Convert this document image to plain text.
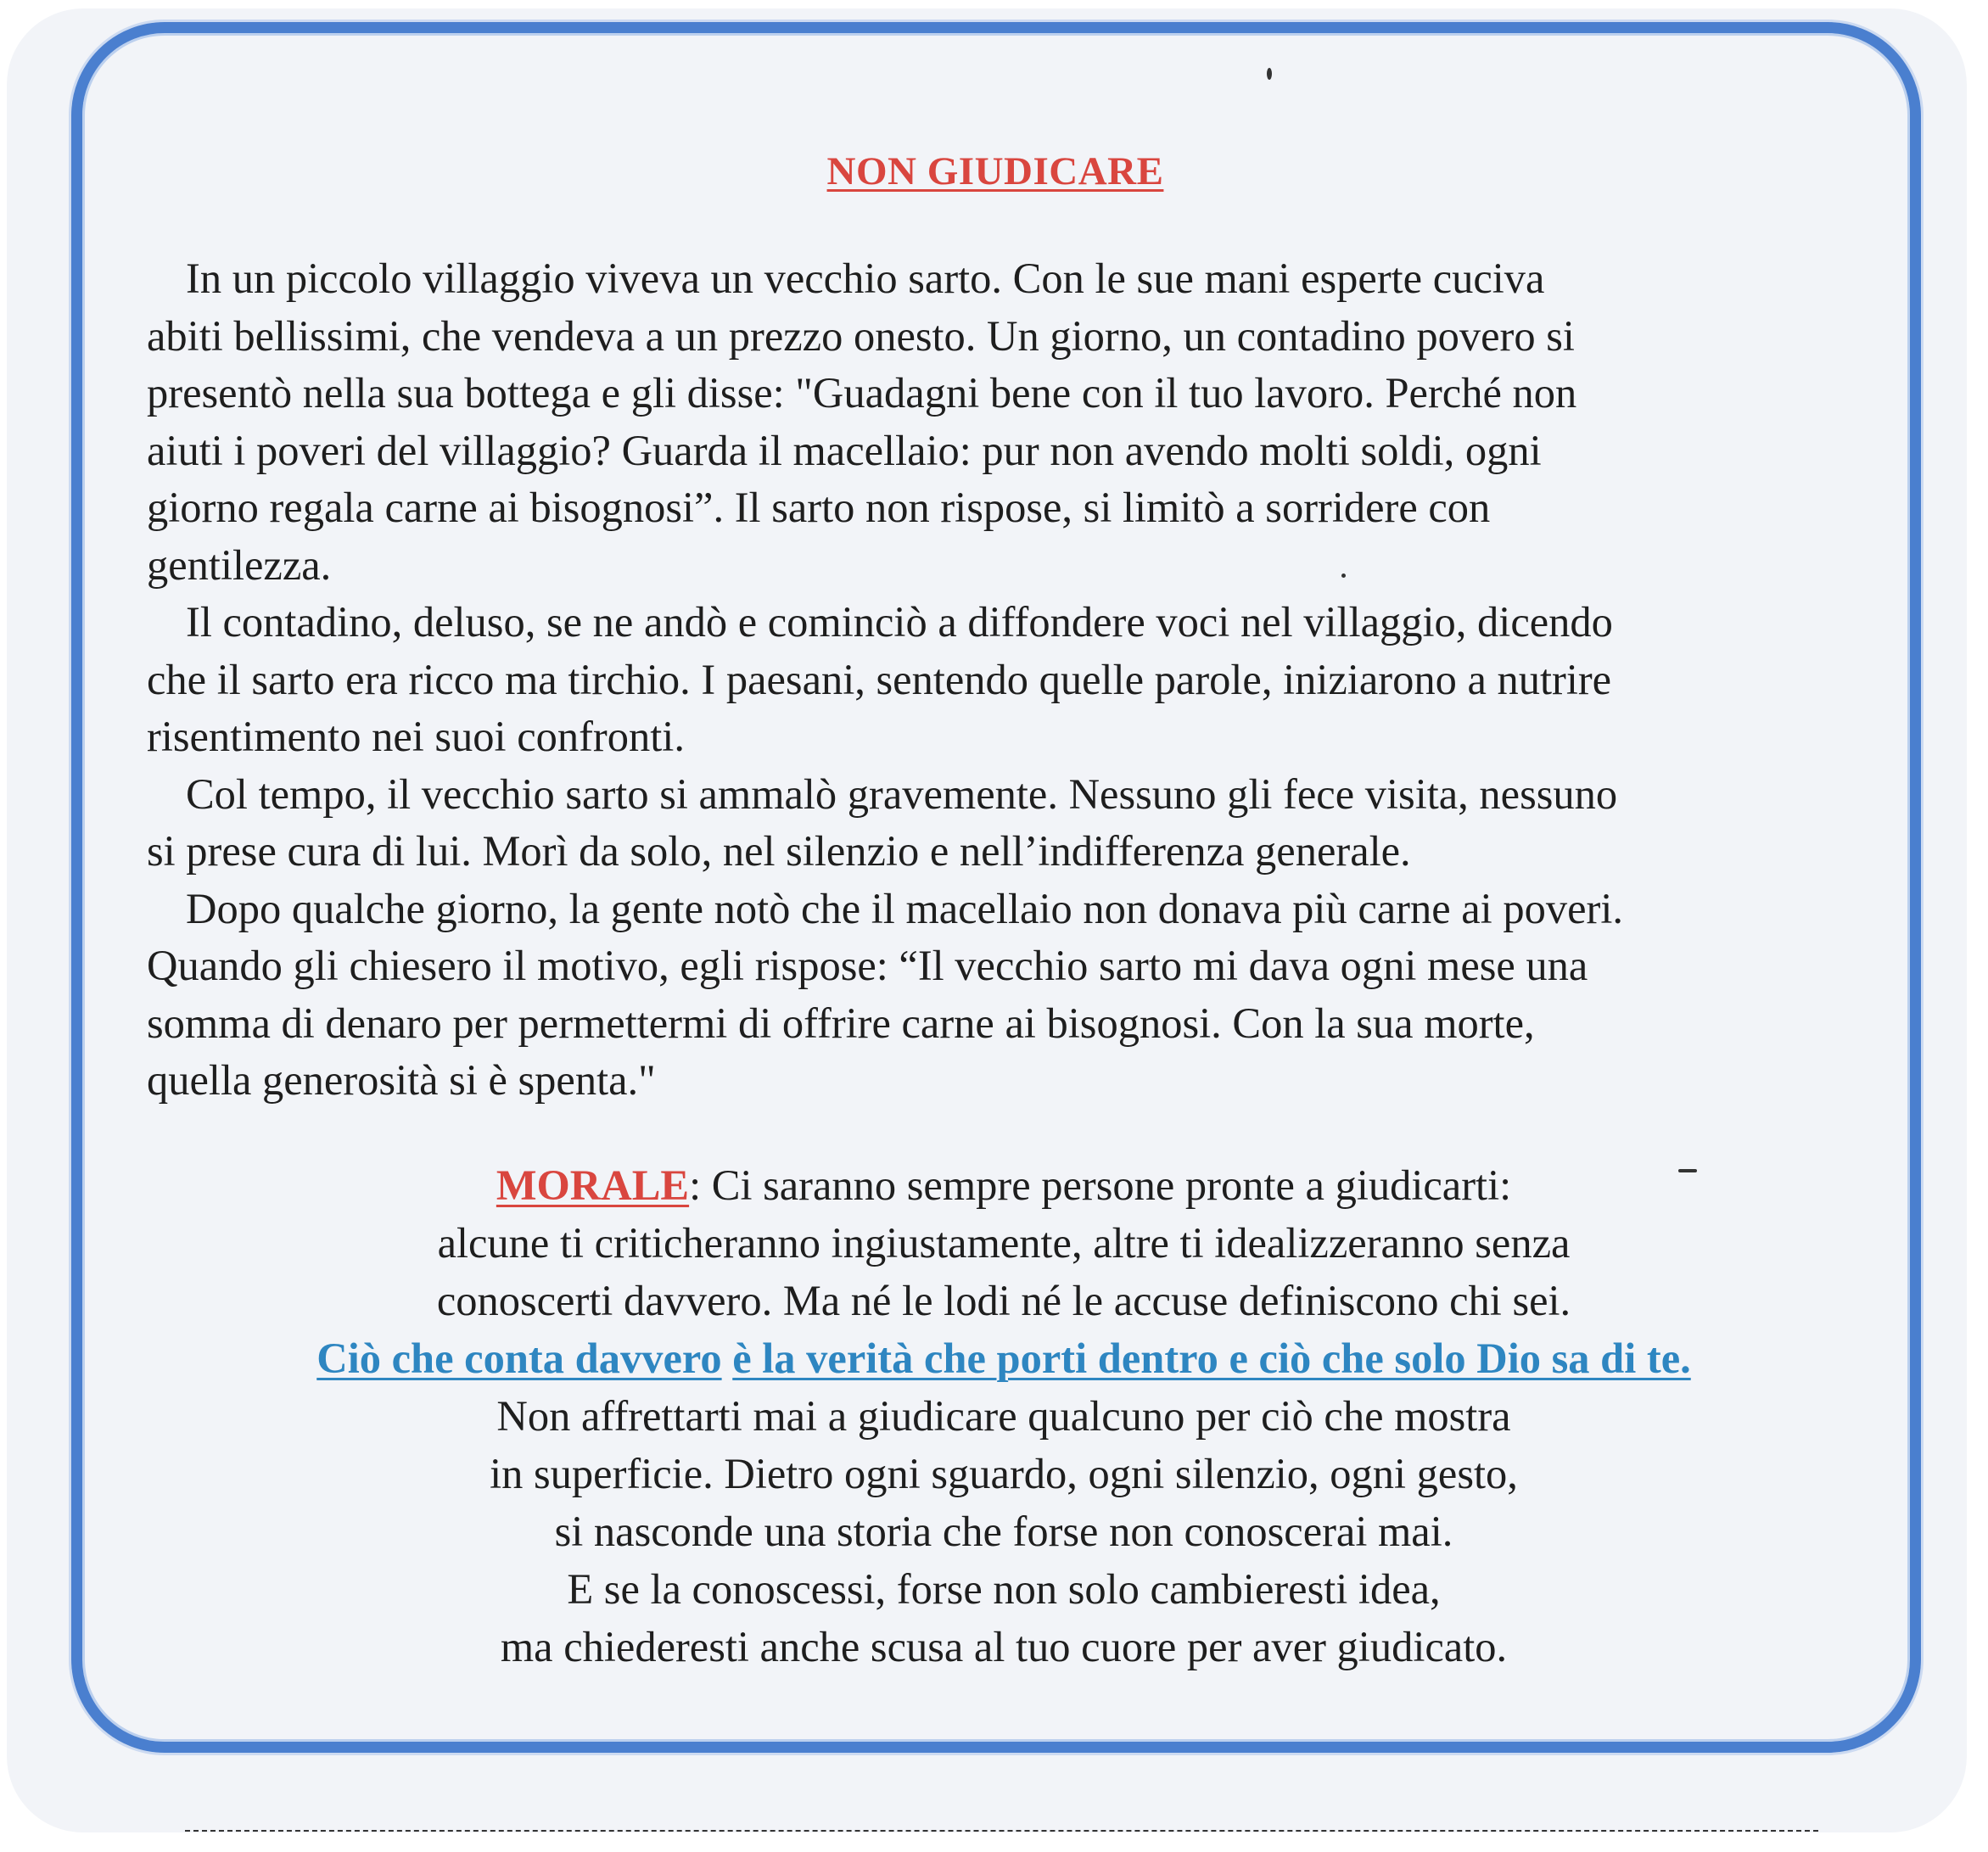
NON GIUDICARE

In un piccolo villaggio viveva un vecchio sarto. Con le sue mani esperte cuciva
abiti bellissimi, che vendeva a un prezzo onesto. Un giorno, un contadino povero si
presentò nella sua bottega e gli disse: "Guadagni bene con il tuo lavoro. Perché non
aiuti i poveri del villaggio? Guarda il macellaio: pur non avendo molti soldi, ogni
giorno regala carne ai bisognosi”. Il sarto non rispose, si limitò a sorridere con
gentilezza.

Il contadino, deluso, se ne andò e cominciò a diffondere voci nel villaggio, dicendo
che il sarto era ricco ma tirchio. I paesani, sentendo quelle parole, iniziarono a nutrire
risentimento nei suoi confronti.

Col tempo, il vecchio sarto si ammalò gravemente. Nessuno gli fece visita, nessuno
si prese cura di lui. Morì da solo, nel silenzio e nell’indifferenza generale.

Dopo qualche giorno, la gente notò che il macellaio non donava più carne ai poveri.
Quando gli chiesero il motivo, egli rispose: “Il vecchio sarto mi dava ogni mese una
somma di denaro per permettermi di offrire carne ai bisognosi. Con la sua morte,
quella generosità si è spenta."

MORALE: Ci saranno sempre persone pronte a giudicarti:
alcune ti criticheranno ingiustamente, altre ti idealizzeranno senza
conoscerti davvero. Ma né le lodi né le accuse definiscono chi sei.
Ciò che conta davvero è la verità che porti dentro e ciò che solo Dio sa di te.
Non affrettarti mai a giudicare qualcuno per ciò che mostra
in superficie. Dietro ogni sguardo, ogni silenzio, ogni gesto,
si nasconde una storia che forse non conoscerai mai.
E se la conoscessi, forse non solo cambieresti idea,
ma chiederesti anche scusa al tuo cuore per aver giudicato.
